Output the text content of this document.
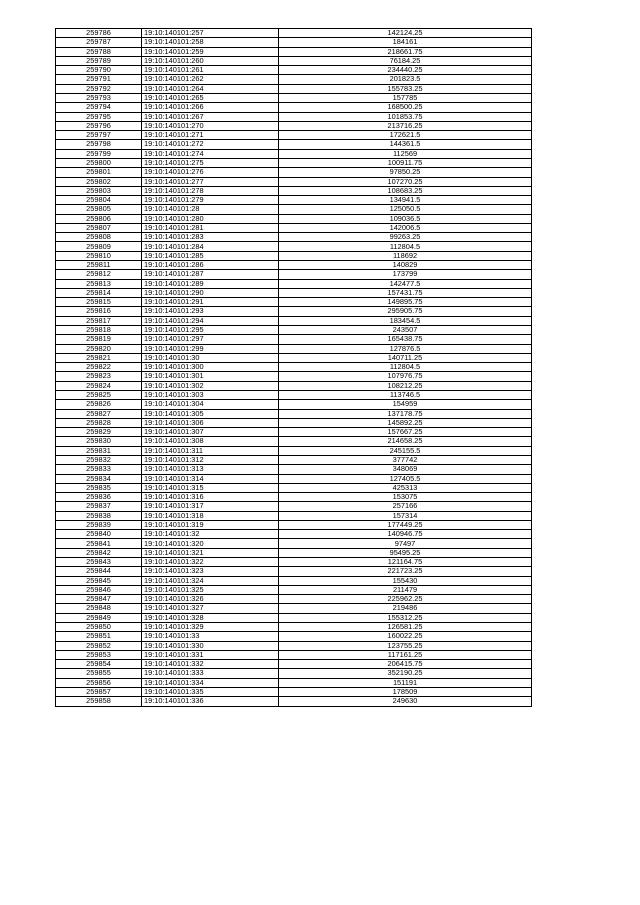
259786	19:10:140101:257	142124.25
259787	19:10:140101:258	184161
259788	19:10:140101:259	218661.75
259789	19:10:140101:260	76184.25
259790	19:10:140101:261	234440.25
259791	19:10:140101:262	201823.5
259792	19:10:140101:264	155783.25
259793	19:10:140101:265	157785
259794	19:10:140101:266	168500.25
259795	19:10:140101:267	101853.75
259796	19:10:140101:270	213716.25
259797	19:10:140101:271	172621.5
259798	19:10:140101:272	144361.5
259799	19:10:140101:274	112569
259800	19:10:140101:275	100911.75
259801	19:10:140101:276	97850.25
259802	19:10:140101:277	107270.25
259803	19:10:140101:278	108683.25
259804	19:10:140101:279	134941.5
259805	19:10:140101:28	125050.5
259806	19:10:140101:280	109036.5
259807	19:10:140101:281	142006.5
259808	19:10:140101:283	99263.25
259809	19:10:140101:284	112804.5
259810	19:10:140101:285	118692
259811	19:10:140101:286	140829
259812	19:10:140101:287	173799
259813	19:10:140101:289	142477.5
259814	19:10:140101:290	157431.75
259815	19:10:140101:291	149895.75
259816	19:10:140101:293	295905.75
259817	19:10:140101:294	183454.5
259818	19:10:140101:295	243507
259819	19:10:140101:297	165438.75
259820	19:10:140101:299	127876.5
259821	19:10:140101:30	140711.25
259822	19:10:140101:300	112804.5
259823	19:10:140101:301	107976.75
259824	19:10:140101:302	108212.25
259825	19:10:140101:303	113746.5
259826	19:10:140101:304	154959
259827	19:10:140101:305	137178.75
259828	19:10:140101:306	145892.25
259829	19:10:140101:307	157667.25
259830	19:10:140101:308	214658.25
259831	19:10:140101:311	245155.5
259832	19:10:140101:312	377742
259833	19:10:140101:313	348069
259834	19:10:140101:314	127405.5
259835	19:10:140101:315	425313
259836	19:10:140101:316	153075
259837	19:10:140101:317	257166
259838	19:10:140101:318	157314
259839	19:10:140101:319	177449.25
259840	19:10:140101:32	140946.75
259841	19:10:140101:320	97497
259842	19:10:140101:321	95495.25
259843	19:10:140101:322	121164.75
259844	19:10:140101:323	221723.25
259845	19:10:140101:324	155430
259846	19:10:140101:325	211479
259847	19:10:140101:326	225962.25
259848	19:10:140101:327	219486
259849	19:10:140101:328	155312.25
259850	19:10:140101:329	126581.25
259851	19:10:140101:33	160022.25
259852	19:10:140101:330	123755.25
259853	19:10:140101:331	117161.25
259854	19:10:140101:332	206415.75
259855	19:10:140101:333	352190.25
259856	19:10:140101:334	151191
259857	19:10:140101:335	178509
259858	19:10:140101:336	249630
